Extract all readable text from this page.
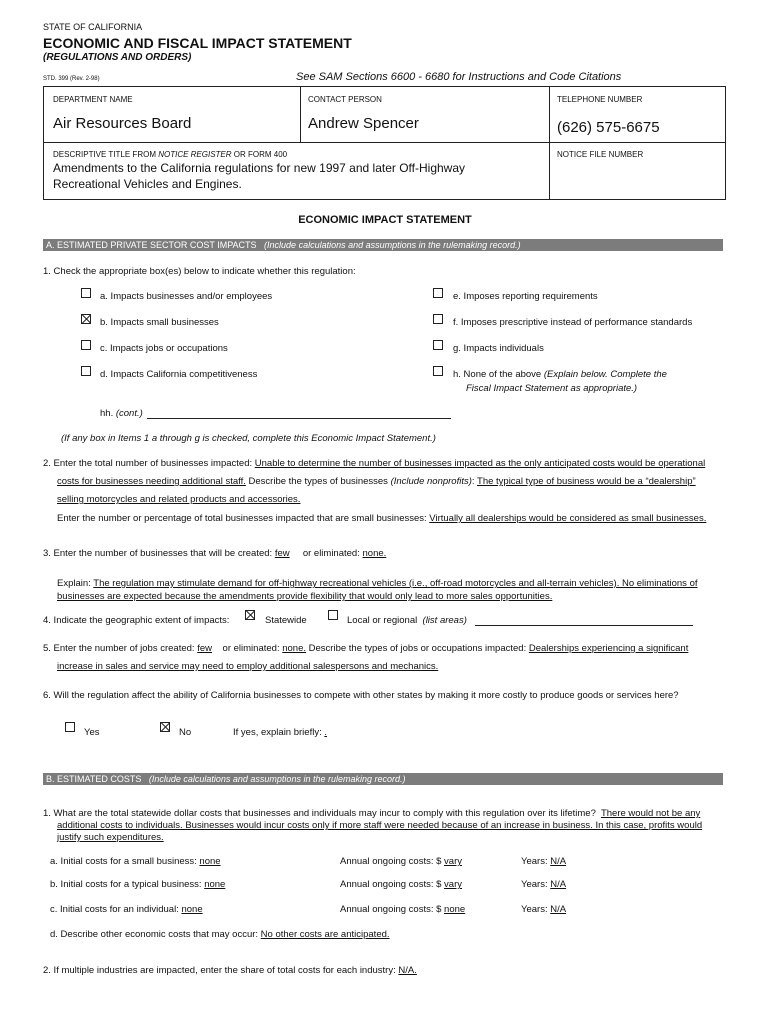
STATE OF CALIFORNIA
ECONOMIC AND FISCAL IMPACT STATEMENT
(REGULATIONS AND ORDERS)
STD. 399 (Rev. 2-98)	See SAM Sections 6600 - 6680 for Instructions and Code Citations
DEPARTMENT NAME
Air Resources Board
CONTACT PERSON
Andrew Spencer
TELEPHONE NUMBER
(626) 575-6675
DESCRIPTIVE TITLE FROM NOTICE REGISTER OR FORM 400
Amendments to the California regulations for new 1997 and later Off-Highway Recreational Vehicles and Engines.
NOTICE FILE NUMBER
ECONOMIC IMPACT STATEMENT
A. ESTIMATED PRIVATE SECTOR COST IMPACTS (Include calculations and assumptions in the rulemaking record.)
1. Check the appropriate box(es) below to indicate whether this regulation:
a. Impacts businesses and/or employees
b. Impacts small businesses
c. Impacts jobs or occupations
d. Impacts California competitiveness
e. Imposes reporting requirements
f. Imposes prescriptive instead of performance standards
g. Impacts individuals
h. None of the above (Explain below. Complete the
Fiscal Impact Statement as appropriate.)
hh. (cont.)
(If any box in Items 1 a through g is checked, complete this Economic Impact Statement.)
2. Enter the total number of businesses impacted: Unable to determine the number of businesses impacted as the only anticipated costs would be operational
costs for businesses needing additional staff. Describe the types of businesses (Include nonprofits): The typical type of business would be a “dealership”
selling motorcycles and related products and accessories.
Enter the number or percentage of total businesses impacted that are small businesses: Virtually all dealerships would be considered as small businesses.
3. Enter the number of businesses that will be created: few     or eliminated: none.
Explain: The regulation may stimulate demand for off-highway recreational vehicles (i.e., off-road motorcycles and all-terrain vehicles). No eliminations of
businesses are expected because the amendments provide flexibility that would only lead to more sales opportunities.
4. Indicate the geographic extent of impacts:	Statewide	Local or regional (list areas)
5. Enter the number of jobs created: few    or eliminated: none. Describe the types of jobs or occupations impacted: Dealerships experiencing a significant
increase in sales and service may need to employ additional salespersons and mechanics.
6. Will the regulation affect the ability of California businesses to compete with other states by making it more costly to produce goods or services here?
Yes	No	If yes, explain briefly: .
B. ESTIMATED COSTS (Include calculations and assumptions in the rulemaking record.)
1. What are the total statewide dollar costs that businesses and individuals may incur to comply with this regulation over its lifetime?  There would not be any
additional costs to individuals. Businesses would incur costs only if more staff were needed because of an increase in business. In this case, profits would
justify such expenditures.
a. Initial costs for a small business: none	Annual ongoing costs: $ vary	Years: N/A
b. Initial costs for a typical business: none	Annual ongoing costs: $ vary	Years: N/A
c. Initial costs for an individual: none	Annual ongoing costs: $ none	Years: N/A
d. Describe other economic costs that may occur: No other costs are anticipated.
2. If multiple industries are impacted, enter the share of total costs for each industry: N/A.
